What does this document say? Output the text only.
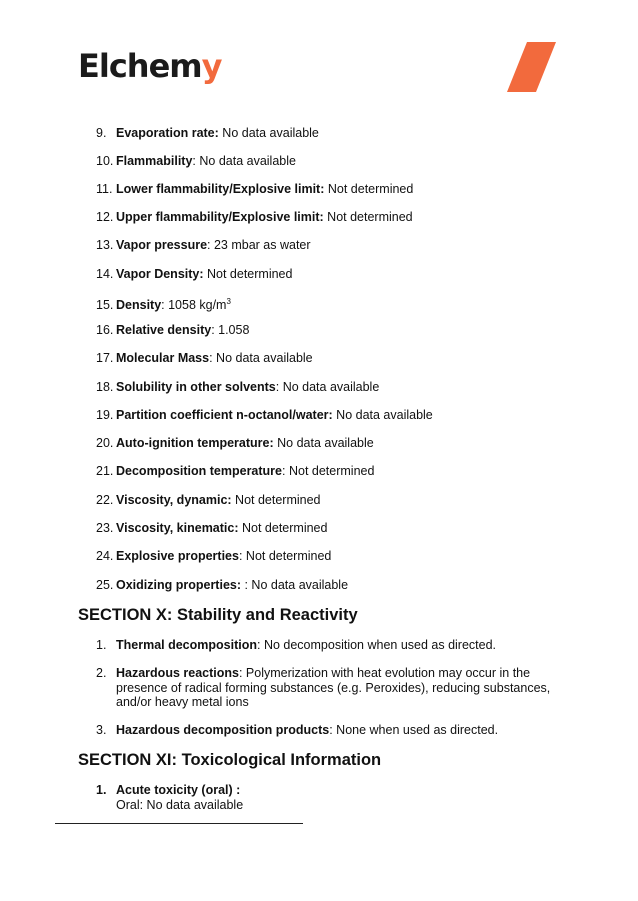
Elchemy
9. Evaporation rate: No data available
10. Flammability: No data available
11. Lower flammability/Explosive limit: Not determined
12. Upper flammability/Explosive limit: Not determined
13. Vapor pressure: 23 mbar as water
14. Vapor Density: Not determined
15. Density: 1058 $kg/m^3$
16. Relative density: 1.058
17. Molecular Mass: No data available
18. Solubility in other solvents: No data available
19. Partition coefficient n-octanol/water: No data available
20. Auto-ignition temperature: No data available
21. Decomposition temperature: Not determined
22. Viscosity, dynamic: Not determined
23. Viscosity, kinematic: Not determined
24. Explosive properties: Not determined
25. Oxidizing properties: : No data available
SECTION X: Stability and Reactivity
1. Thermal decomposition: No decomposition when used as directed.
2. Hazardous reactions: Polymerization with heat evolution may occur in the presence of radical forming substances (e.g. Peroxides), reducing substances, and/or heavy metal ions
3. Hazardous decomposition products: None when used as directed.
SECTION XI: Toxicological Information
1. Acute toxicity (oral) :
Oral: No data available
